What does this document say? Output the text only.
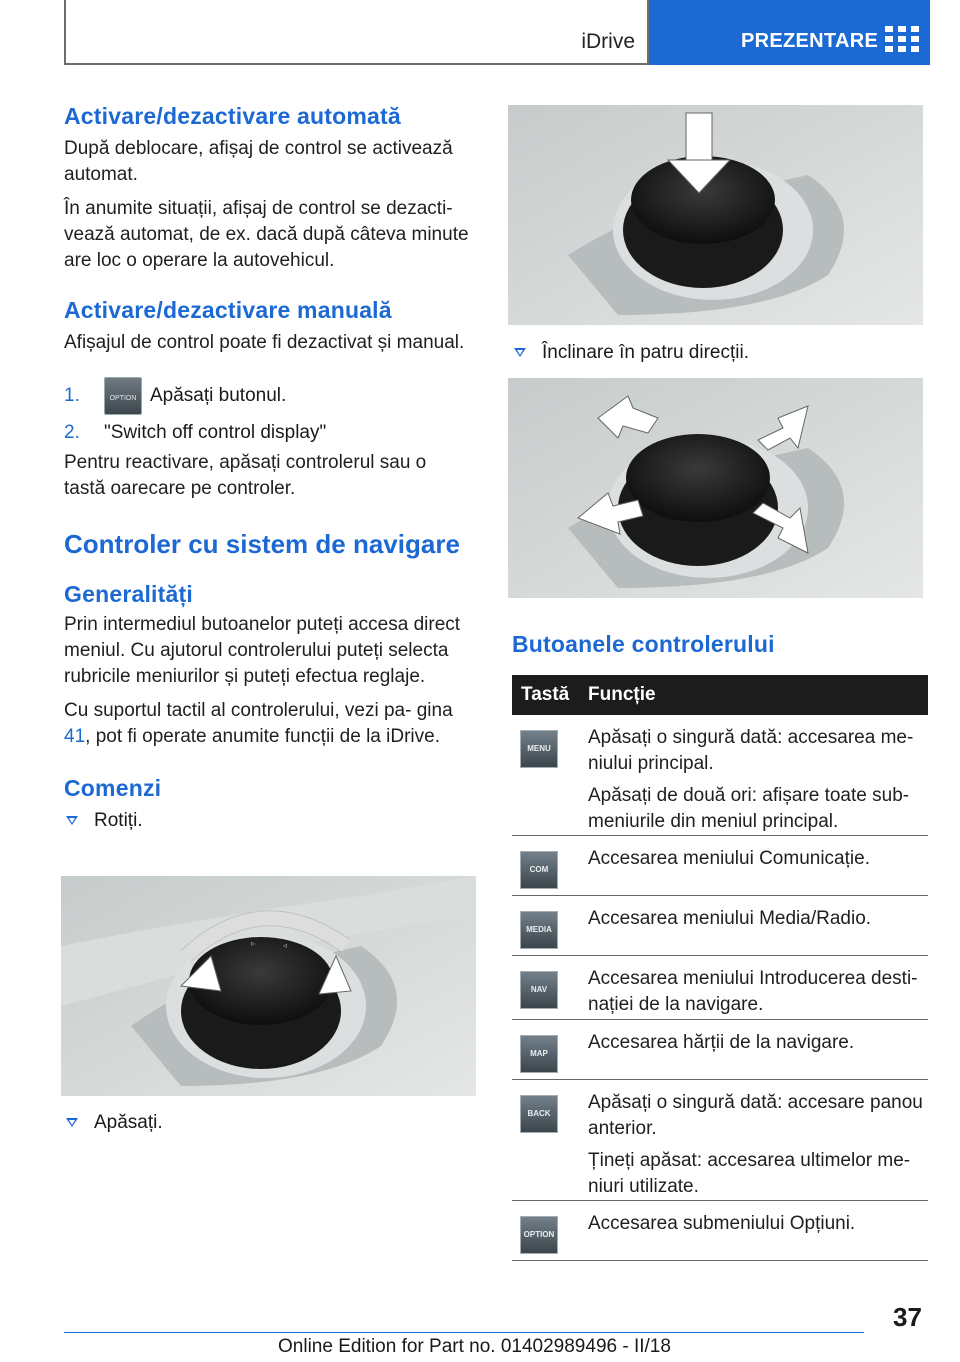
iDrive	PREZENTARE
Activare/dezactivare automată

După deblocare, afișaj de control se activează automat.

În anumite situații, afișaj de control se dezacti‐ vează automat, de ex. dacă după câteva minute are loc o operare la autovehicul.

Activare/dezactivare manuală

Afișajul de control poate fi dezactivat și manual.

1.	OPTION Apăsați butonul.
2. "Switch off control display"

Pentru reactivare, apăsați controlerul sau o tastă oarecare pe controler.

Controler cu sistem de navigare
Generalități

Prin intermediul butoanelor puteți accesa direct meniul. Cu ajutorul controlerului puteți selecta rubricile meniurilor și puteți efectua reglaje.

Cu suportul tactil al controlerului, vezi pa‐ gina 41, pot fi operate anumite funcții de la iDrive.

Comenzi
Rotiți.
▹	◃
Apăsați.
Înclinare în patru direcții.
Butoanele controlerului
Tastă Funcție
MENU

Apăsați o singură dată: accesarea me‐ niului principal.

Apăsați de două ori: afișare toate sub‐ meniurile din meniul principal.

COM

Accesarea meniului Comunicație.

MEDIA

Accesarea meniului Media/Radio.

NAV

Accesarea meniului Introducerea desti‐ nației de la navigare.

MAP

Accesarea hărții de la navigare.

BACK

Apăsați o singură dată: accesare panou anterior.

Țineți apăsat: accesarea ultimelor me‐ niuri utilizate.

OPTION

Accesarea submeniului Opțiuni.

37
Online Edition for Part no. 01402989496 - II/18
